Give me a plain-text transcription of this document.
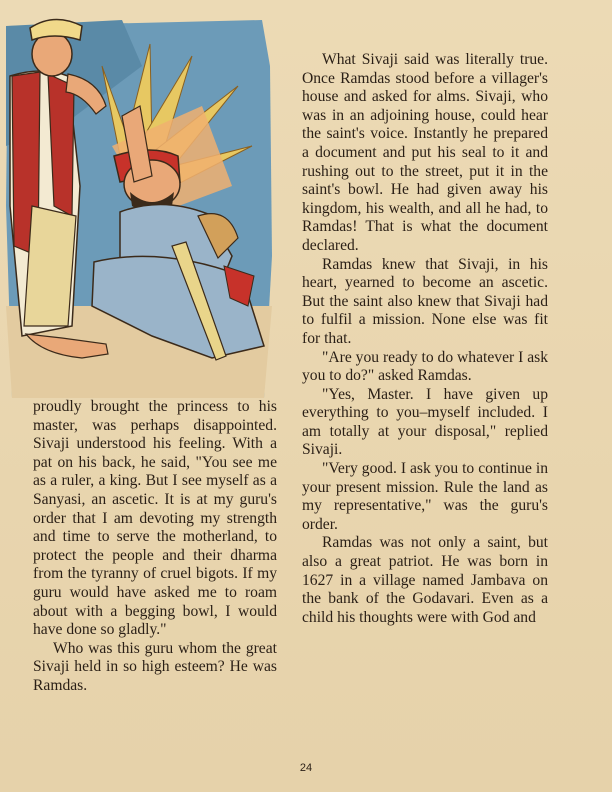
proudly brought the princess to his master, was perhaps disappointed. Sivaji understood his feeling. With a pat on his back, he said, "You see me as a ruler, a king. But I see myself as a Sanyasi, an ascetic. It is at my guru's order that I am devoting my strength and time to serve the motherland, to protect the people and their dharma from the tyranny of cruel bigots. If my guru would have asked me to roam about with a begging bowl, I would have done so gladly."

Who was this guru whom the great Sivaji held in so high esteem? He was Ramdas.

What Sivaji said was literally true. Once Ramdas stood before a villager's house and asked for alms. Sivaji, who was in an adjoining house, could hear the saint's voice. Instantly he prepared a document and put his seal to it and rushing out to the street, put it in the saint's bowl. He had given away his kingdom, his wealth, and all he had, to Ramdas! That is what the document declared.

Ramdas knew that Sivaji, in his heart, yearned to become an ascetic. But the saint also knew that Sivaji had to fulfil a mission. None else was fit for that.

"Are you ready to do whatever I ask you to do?" asked Ramdas.

"Yes, Master. I have given up everything to you–myself included. I am totally at your disposal," replied Sivaji.

"Very good. I ask you to continue in your present mission. Rule the land as my representative," was the guru's order.

Ramdas was not only a saint, but also a great patriot. He was born in 1627 in a village named Jambava on the bank of the Godavari. Even as a child his thoughts were with God and

24
